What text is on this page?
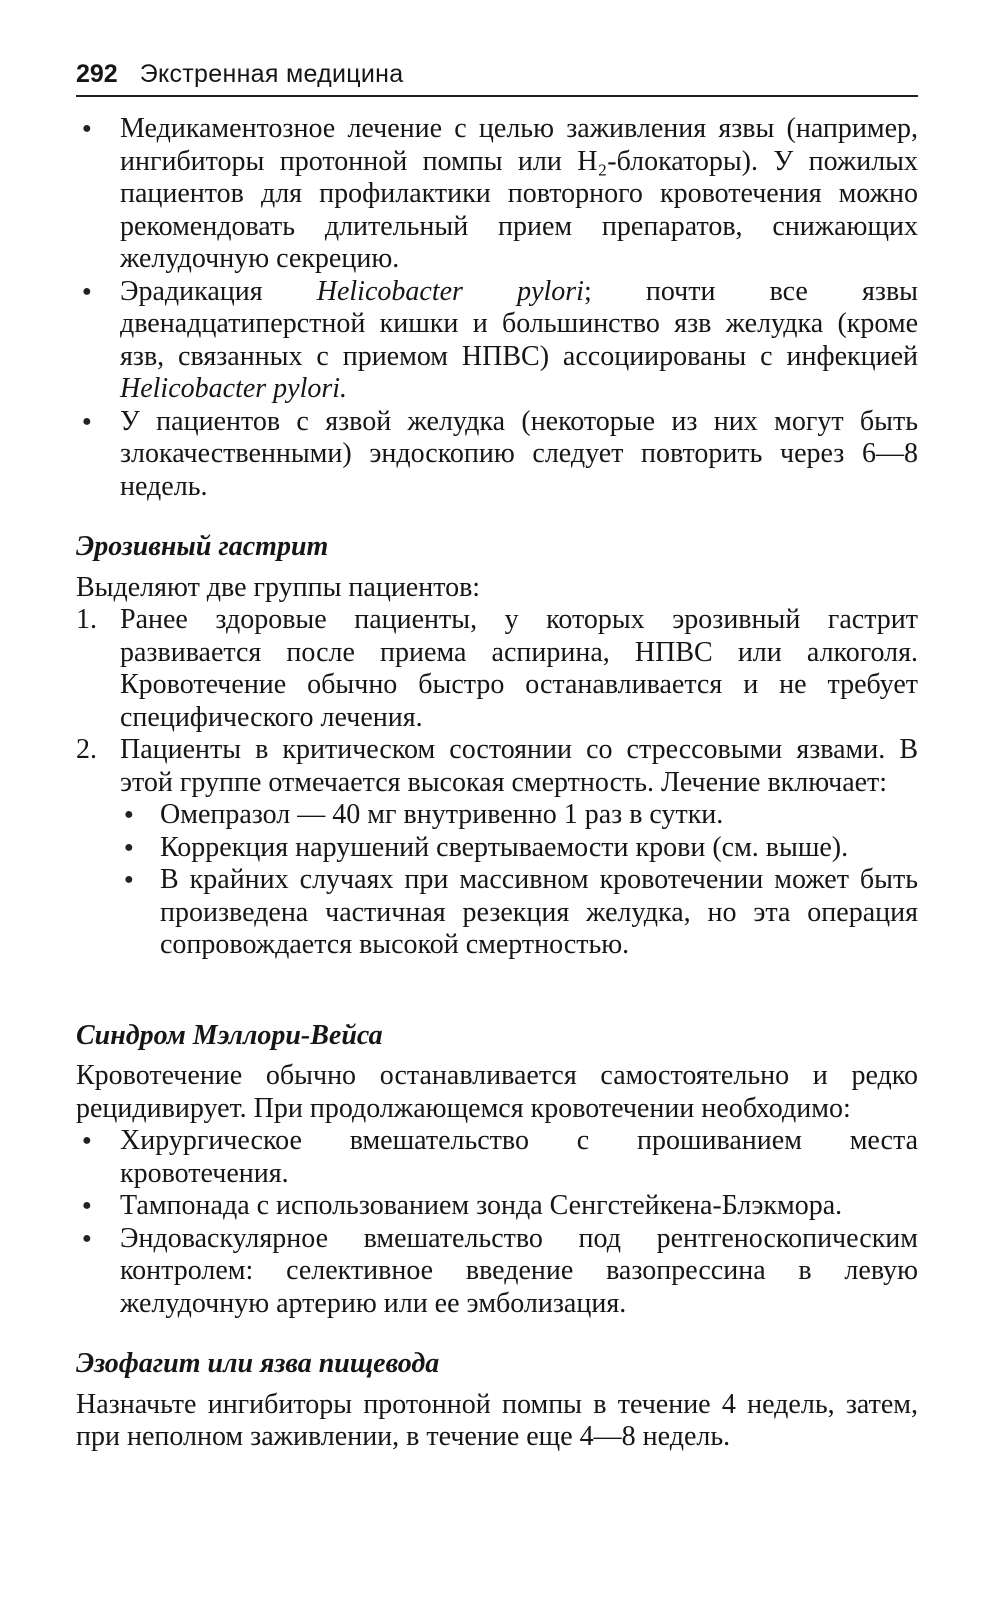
292 Экстренная медицина
● Медикаментозное лечение с целью заживления язвы (например, ингибиторы протонной помпы или H₂-блокаторы). У пожилых пациентов для профилактики повторного кровотечения можно рекомендовать длительный прием препаратов, снижающих желудочную секрецию.
● Эрадикация Helicobacter pylori; почти все язвы двенадцатиперстной кишки и большинство язв желудка (кроме язв, связанных с приемом НПВС) ассоциированы с инфекцией Helicobacter pylori.
● У пациентов с язвой желудка (некоторые из них могут быть злокачественными) эндоскопию следует повторить через 6—8 недель.
Эрозивный гастрит

Выделяют две группы пациентов:

1. Ранее здоровые пациенты, у которых эрозивный гастрит развивается после приема аспирина, НПВС или алкоголя. Кровотечение обычно быстро останавливается и не требует специфического лечения.
2. Пациенты в критическом состоянии со стрессовыми язвами. В этой группе отмечается высокая смертность. Лечение включает:
● Омепразол — 40 мг внутривенно 1 раз в сутки.
● Коррекция нарушений свертываемости крови (см. выше).
● В крайних случаях при массивном кровотечении может быть произведена частичная резекция желудка, но эта операция сопровождается высокой смертностью.
Синдром Мэллори-Вейса

Кровотечение обычно останавливается самостоятельно и редко рецидивирует. При продолжающемся кровотечении необходимо:

● Хирургическое вмешательство с прошиванием места кровотечения.
● Тампонада с использованием зонда Сенгстейкена-Блэкмора.
● Эндоваскулярное вмешательство под рентгеноскопическим контролем: селективное введение вазопрессина в левую желудочную артерию или ее эмболизация.
Эзофагит или язва пищевода

Назначьте ингибиторы протонной помпы в течение 4 недель, затем, при неполном заживлении, в течение еще 4—8 недель.
